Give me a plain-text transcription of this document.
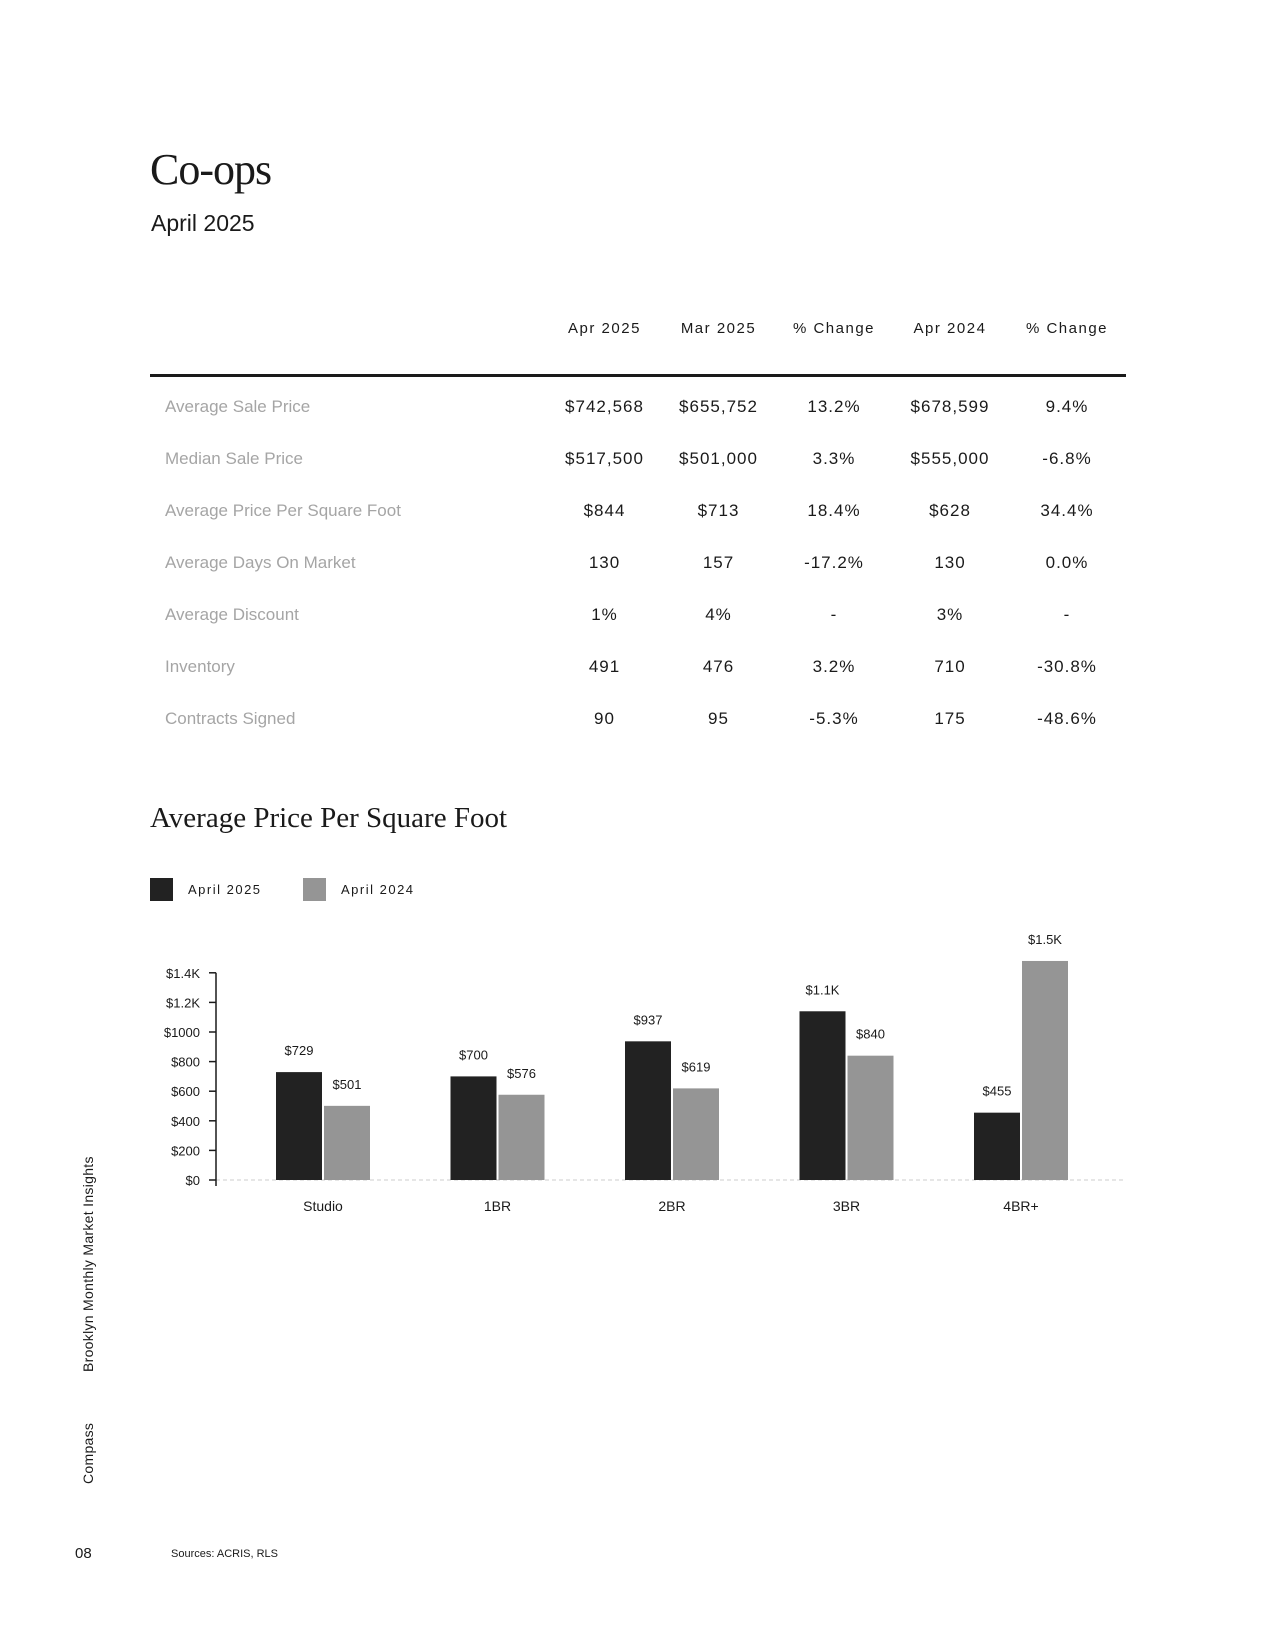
Co-ops
April 2025
	Apr 2025	Mar 2025	% Change	Apr 2024	% Change
Average Sale Price	$742,568	$655,752	13.2%	$678,599	9.4%
Median Sale Price	$517,500	$501,000	3.3%	$555,000	-6.8%
Average Price Per Square Foot	$844	$713	18.4%	$628	34.4%
Average Days On Market	130	157	-17.2%	130	0.0%
Average Discount	1%	4%	-	3%	-
Inventory	491	476	3.2%	710	-30.8%
Contracts Signed	90	95	-5.3%	175	-48.6%
Average Price Per Square Foot
April 2025	April 2024
$0
$200
$400
$600
$800
$1000
$1.2K
$1.4K
$729
$501
Studio
$700
$576
1BR
$937
$619
2BR
$1.1K
$840
3BR
$455
$1.5K
4BR+
Brooklyn Monthly Market Insights
Compass
08	Sources: ACRIS, RLS
